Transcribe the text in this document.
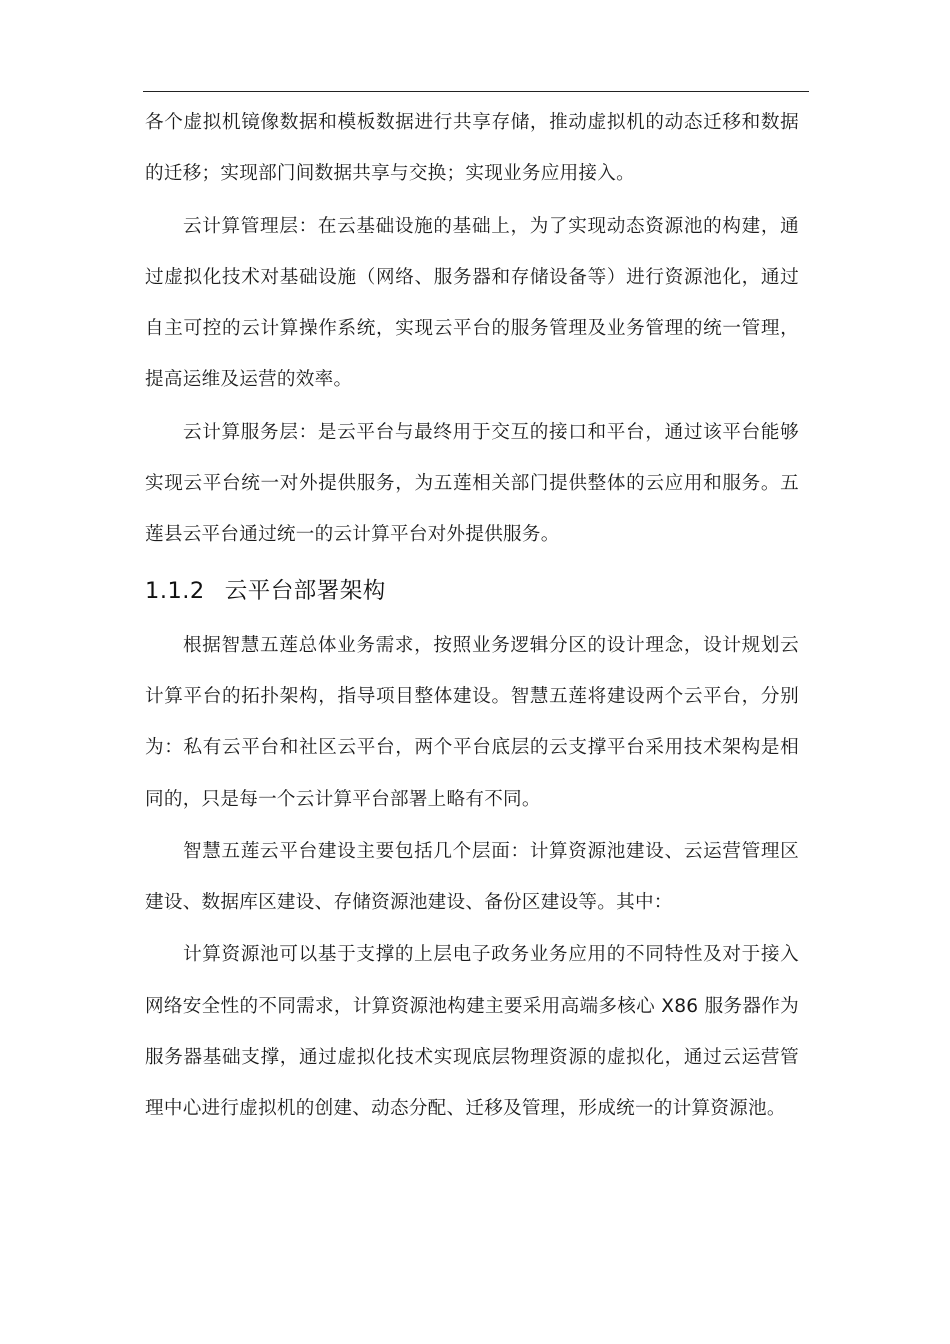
各个虚拟机镜像数据和模板数据进行共享存储，推动虚拟机的动态迁移和数据的迁移；实现部门间数据共享与交换；实现业务应用接入。

云计算管理层：在云基础设施的基础上，为了实现动态资源池的构建，通过虚拟化技术对基础设施（网络、服务器和存储设备等）进行资源池化，通过自主可控的云计算操作系统，实现云平台的服务管理及业务管理的统一管理，提高运维及运营的效率。

云计算服务层：是云平台与最终用于交互的接口和平台，通过该平台能够实现云平台统一对外提供服务，为五莲相关部门提供整体的云应用和服务。五莲县云平台通过统一的云计算平台对外提供服务。

1.1.2 云平台部署架构

根据智慧五莲总体业务需求，按照业务逻辑分区的设计理念，设计规划云计算平台的拓扑架构，指导项目整体建设。智慧五莲将建设两个云平台，分别为：私有云平台和社区云平台，两个平台底层的云支撑平台采用技术架构是相同的，只是每一个云计算平台部署上略有不同。

智慧五莲云平台建设主要包括几个层面：计算资源池建设、云运营管理区建设、数据库区建设、存储资源池建设、备份区建设等。其中：

计算资源池可以基于支撑的上层电子政务业务应用的不同特性及对于接入网络安全性的不同需求，计算资源池构建主要采用高端多核心 X86 服务器作为服务器基础支撑，通过虚拟化技术实现底层物理资源的虚拟化，通过云运营管理中心进行虚拟机的创建、动态分配、迁移及管理，形成统一的计算资源池。
